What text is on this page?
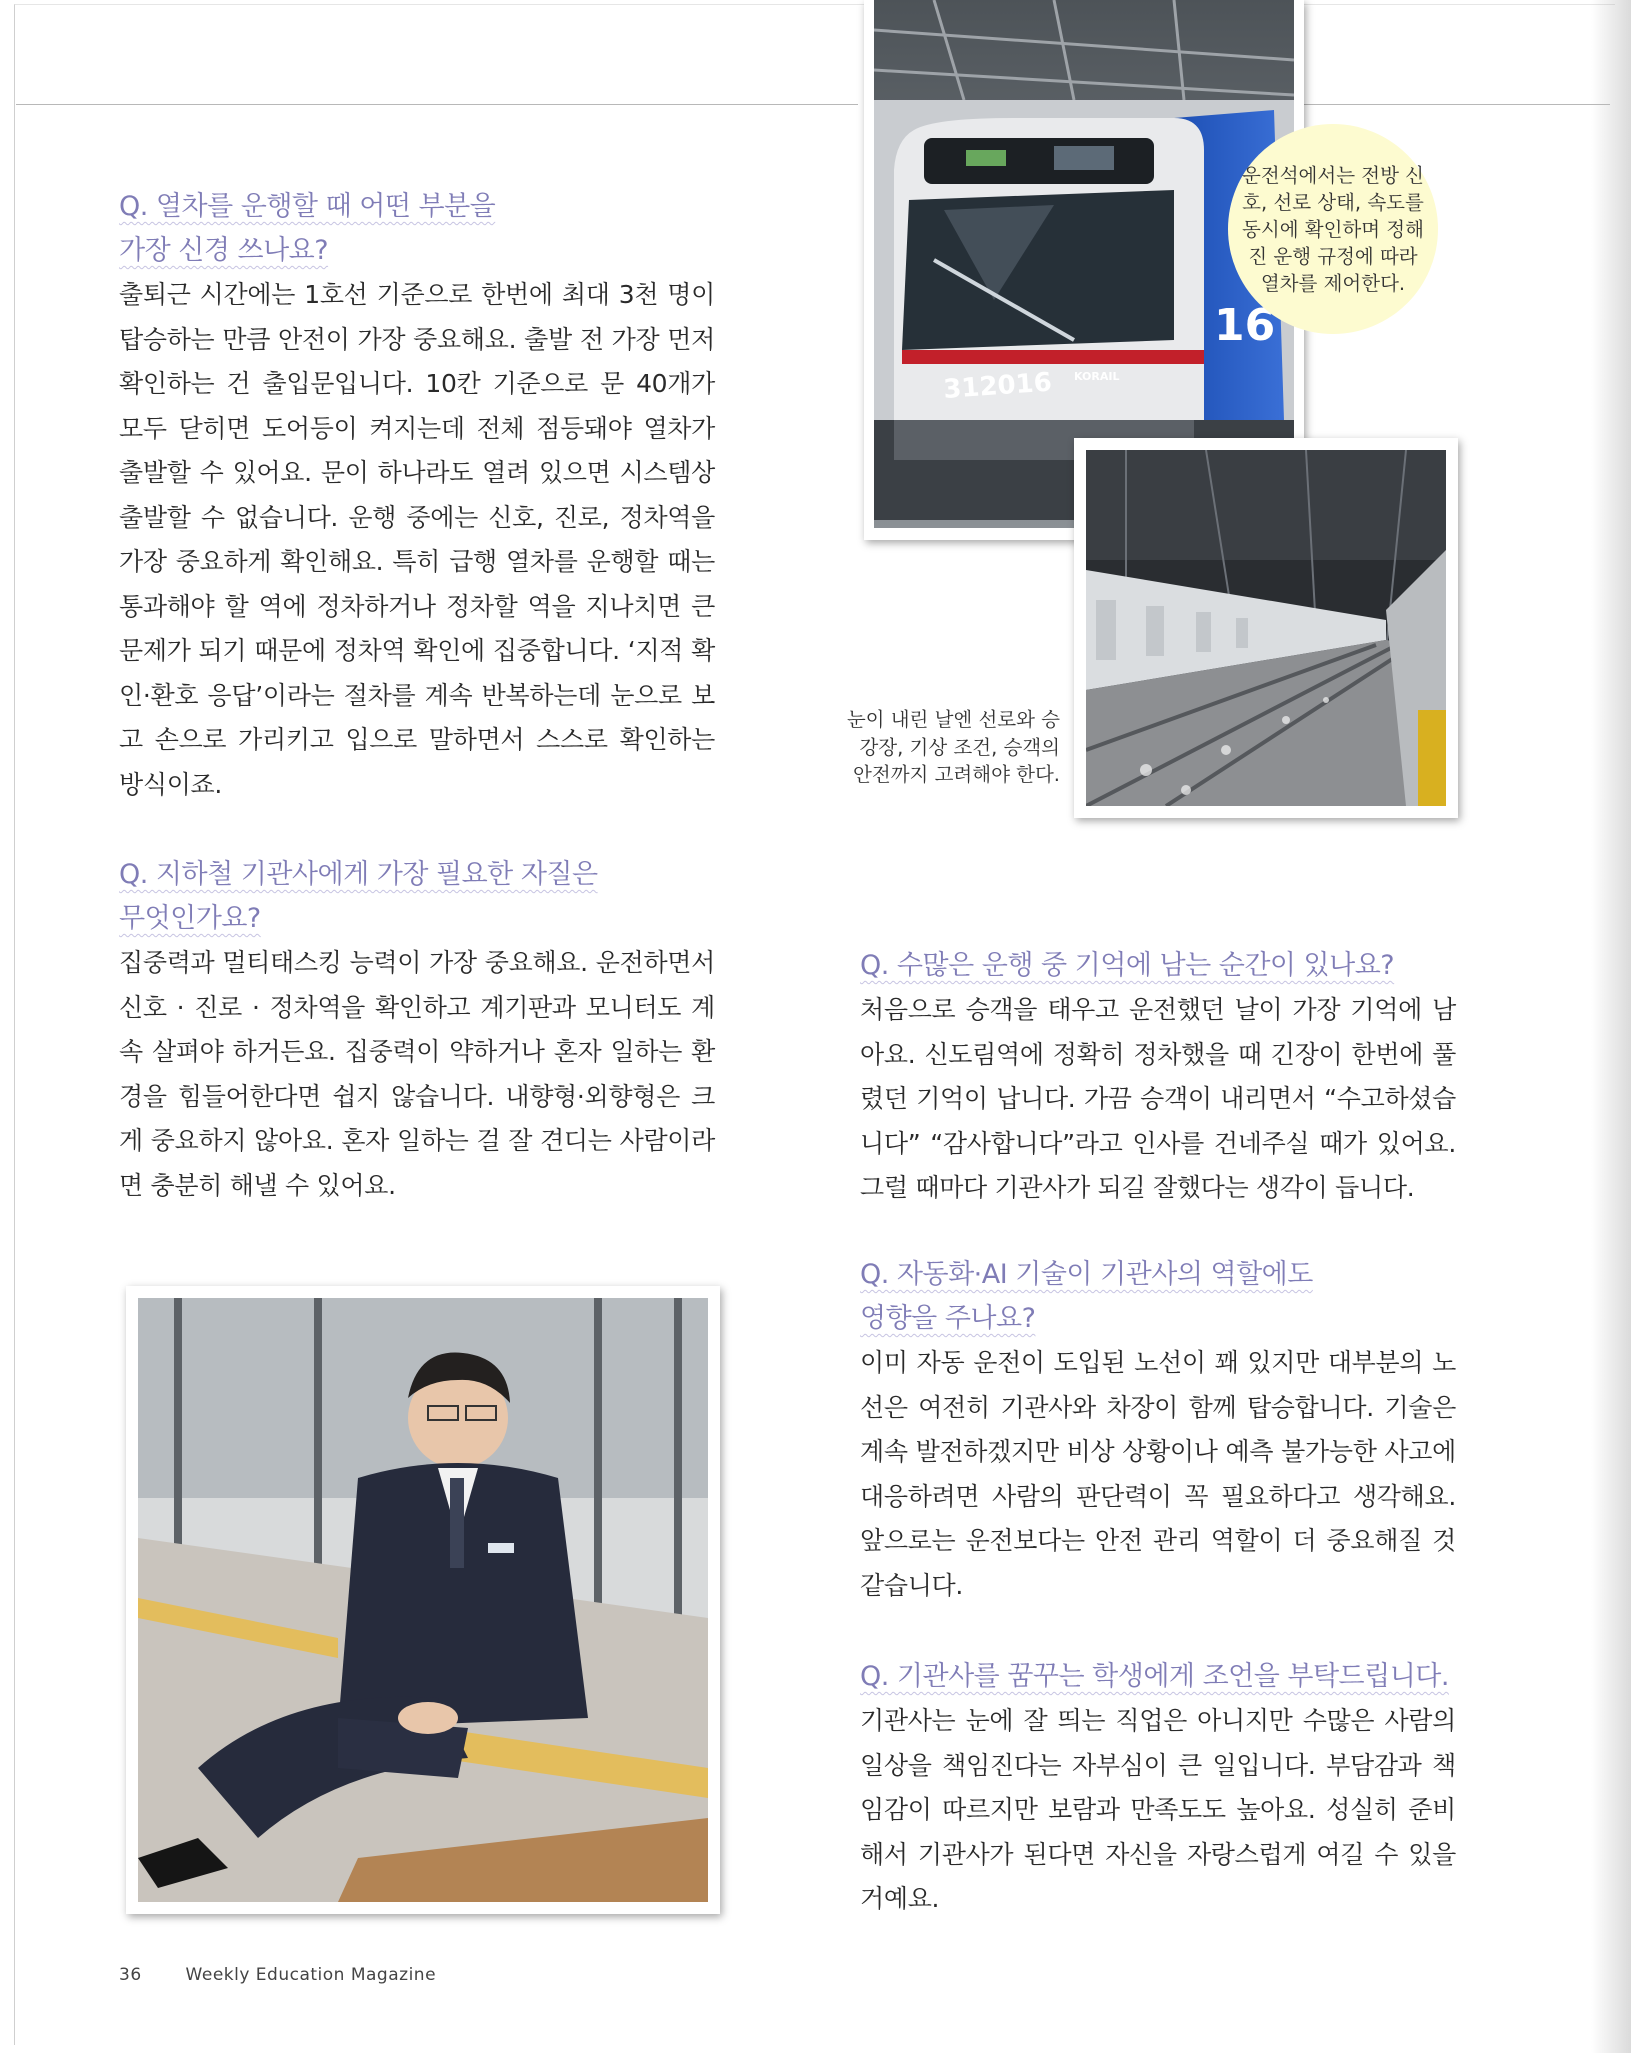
Q. 열차를 운행할 때 어떤 부분을
가장 신경 쓰나요?

출퇴근 시간에는 1호선 기준으로 한번에 최대 3천 명이 탑승하는 만큼 안전이 가장 중요해요. 출발 전 가장 먼저 확인하는 건 출입문입니다. 10칸 기준으로 문 40개가 모두 닫히면 도어등이 켜지는데 전체 점등돼야 열차가 출발할 수 있어요. 문이 하나라도 열려 있으면 시스템상 출발할 수 없습니다. 운행 중에는 신호, 진로, 정차역을 가장 중요하게 확인해요. 특히 급행 열차를 운행할 때는 통과해야 할 역에 정차하거나 정차할 역을 지나치면 큰 문제가 되기 때문에 정차역 확인에 집중합니다. ‘지적 확인·환호 응답’이라는 절차를 계속 반복하는데 눈으로 보고 손으로 가리키고 입으로 말하면서 스스로 확인하는 방식이죠.

Q. 지하철 기관사에게 가장 필요한 자질은
무엇인가요?

집중력과 멀티태스킹 능력이 가장 중요해요. 운전하면서 신호 · 진로 · 정차역을 확인하고 계기판과 모니터도 계속 살펴야 하거든요. 집중력이 약하거나 혼자 일하는 환경을 힘들어한다면 쉽지 않습니다. 내향형·외향형은 크게 중요하지 않아요. 혼자 일하는 걸 잘 견디는 사람이라면 충분히 해낼 수 있어요.

Q. 수많은 운행 중 기억에 남는 순간이 있나요?

처음으로 승객을 태우고 운전했던 날이 가장 기억에 남아요. 신도림역에 정확히 정차했을 때 긴장이 한번에 풀렸던 기억이 납니다. 가끔 승객이 내리면서 “수고하셨습니다” “감사합니다”라고 인사를 건네주실 때가 있어요. 그럴 때마다 기관사가 되길 잘했다는 생각이 듭니다.

Q. 자동화·AI 기술이 기관사의 역할에도
영향을 주나요?

이미 자동 운전이 도입된 노선이 꽤 있지만 대부분의 노선은 여전히 기관사와 차장이 함께 탑승합니다. 기술은 계속 발전하겠지만 비상 상황이나 예측 불가능한 사고에 대응하려면 사람의 판단력이 꼭 필요하다고 생각해요. 앞으로는 운전보다는 안전 관리 역할이 더 중요해질 것 같습니다.

Q. 기관사를 꿈꾸는 학생에게 조언을 부탁드립니다.

기관사는 눈에 잘 띄는 직업은 아니지만 수많은 사람의 일상을 책임진다는 자부심이 큰 일입니다. 부담감과 책임감이 따르지만 보람과 만족도도 높아요. 성실히 준비해서 기관사가 된다면 자신을 자랑스럽게 여길 수 있을 거예요.

16
312016 KORAIL
운전석에서는 전방 신호, 선로 상태, 속도를 동시에 확인하며 정해진 운행 규정에 따라 열차를 제어한다.
눈이 내린 날엔 선로와 승강장, 기상 조건, 승객의 안전까지 고려해야 한다.
36	Weekly Education Magazine
